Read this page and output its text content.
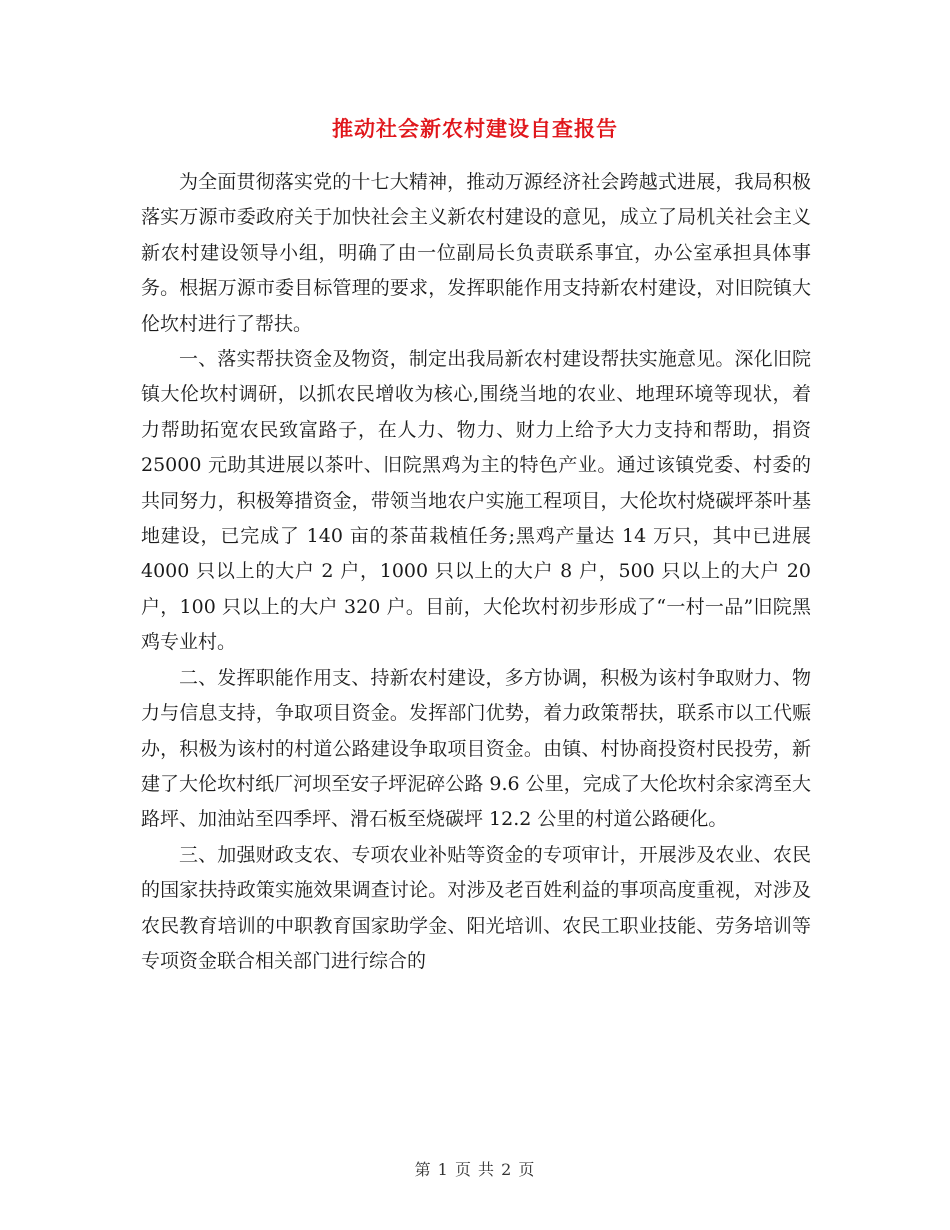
推动社会新农村建设自查报告

为全面贯彻落实党的十七大精神，推动万源经济社会跨越式进展，我局积极落实万源市委政府关于加快社会主义新农村建设的意见，成立了局机关社会主义新农村建设领导小组，明确了由一位副局长负责联系事宜，办公室承担具体事务。根据万源市委目标管理的要求，发挥职能作用支持新农村建设，对旧院镇大伦坎村进行了帮扶。

一、落实帮扶资金及物资，制定出我局新农村建设帮扶实施意见。深化旧院镇大伦坎村调研，以抓农民增收为核心,围绕当地的农业、地理环境等现状，着力帮助拓宽农民致富路子，在人力、物力、财力上给予大力支持和帮助，捐资 25000 元助其进展以茶叶、旧院黑鸡为主的特色产业。通过该镇党委、村委的共同努力，积极筹措资金，带领当地农户实施工程项目，大伦坎村烧碳坪茶叶基地建设，已完成了 140 亩的茶苗栽植任务;黑鸡产量达 14 万只，其中已进展 4000 只以上的大户 2 户，1000 只以上的大户 8 户，500 只以上的大户 20 户，100 只以上的大户 320 户。目前，大伦坎村初步形成了“一村一品”旧院黑鸡专业村。

二、发挥职能作用支、持新农村建设，多方协调，积极为该村争取财力、物力与信息支持，争取项目资金。发挥部门优势，着力政策帮扶，联系市以工代赈办，积极为该村的村道公路建设争取项目资金。由镇、村协商投资村民投劳，新建了大伦坎村纸厂河坝至安子坪泥碎公路 9.6 公里，完成了大伦坎村余家湾至大路坪、加油站至四季坪、滑石板至烧碳坪 12.2 公里的村道公路硬化。

三、加强财政支农、专项农业补贴等资金的专项审计，开展涉及农业、农民的国家扶持政策实施效果调查讨论。对涉及老百姓利益的事项高度重视，对涉及农民教育培训的中职教育国家助学金、阳光培训、农民工职业技能、劳务培训等专项资金联合相关部门进行综合的

第 1 页 共 2 页
